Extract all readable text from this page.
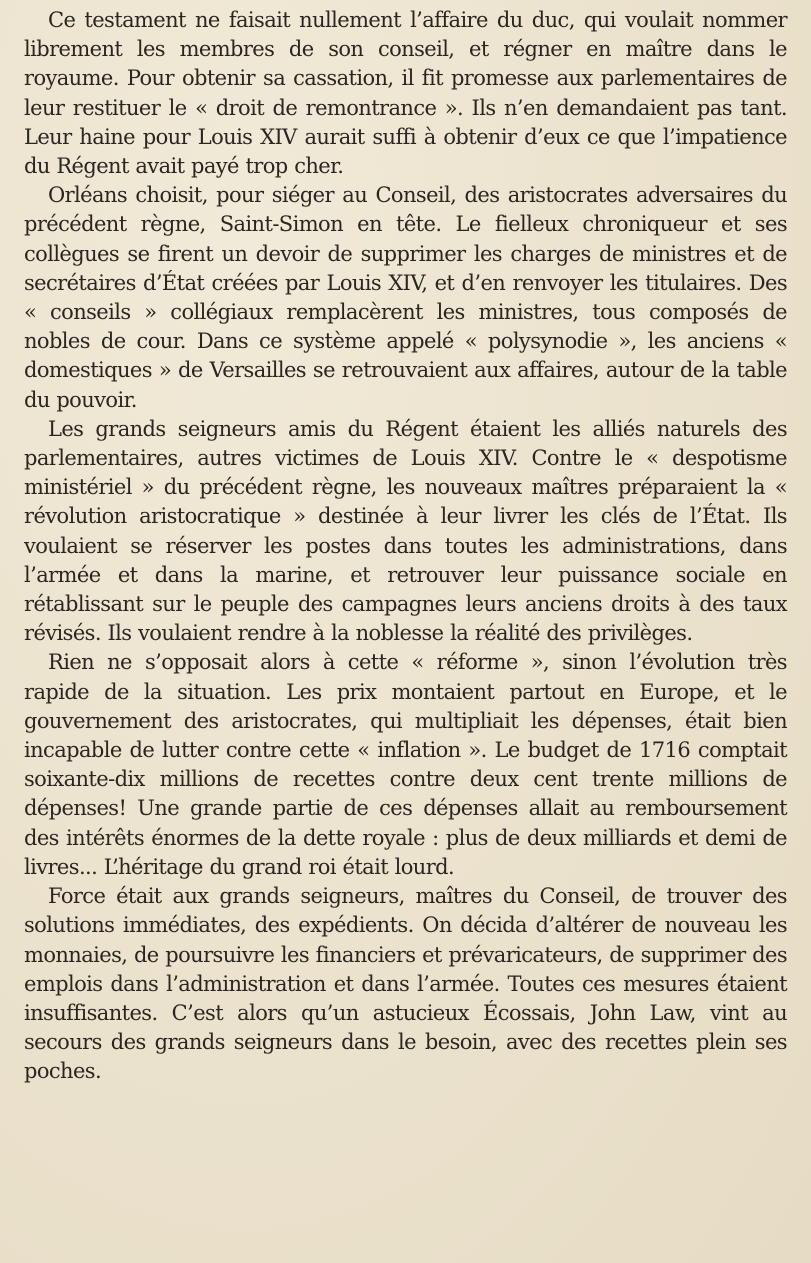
Ce testament ne faisait nullement l’affaire du duc, qui voulait nommer librement les membres de son conseil, et régner en maître dans le royaume. Pour obtenir sa cassation, il fit promesse aux parlementaires de leur restituer le « droit de remontrance ». Ils n’en demandaient pas tant. Leur haine pour Louis XIV aurait suffi à obtenir d’eux ce que l’impatience du Régent avait payé trop cher.

Orléans choisit, pour siéger au Conseil, des aristocrates adversaires du précédent règne, Saint-Simon en tête. Le fielleux chroniqueur et ses collègues se firent un devoir de supprimer les charges de ministres et de secrétaires d’État créées par Louis XIV, et d’en renvoyer les titulaires. Des « conseils » collégiaux remplacèrent les ministres, tous composés de nobles de cour. Dans ce système appelé « polysynodie », les anciens « domestiques » de Versailles se retrouvaient aux affaires, autour de la table du pouvoir.

Les grands seigneurs amis du Régent étaient les alliés naturels des parlementaires, autres victimes de Louis XIV. Contre le « despotisme ministériel » du précédent règne, les nouveaux maîtres préparaient la « révolution aristocratique » destinée à leur livrer les clés de l’État. Ils voulaient se réserver les postes dans toutes les administrations, dans l’armée et dans la marine, et retrouver leur puissance sociale en rétablissant sur le peuple des campagnes leurs anciens droits à des taux révisés. Ils voulaient rendre à la noblesse la réalité des privilèges.

Rien ne s’opposait alors à cette « réforme », sinon l’évolution très rapide de la situation. Les prix montaient partout en Europe, et le gouvernement des aristocrates, qui multipliait les dépenses, était bien incapable de lutter contre cette « inflation ». Le budget de 1716 comptait soixante-dix millions de recettes contre deux cent trente millions de dépenses! Une grande partie de ces dépenses allait au remboursement des intérêts énormes de la dette royale : plus de deux milliards et demi de livres... L’héritage du grand roi était lourd.

Force était aux grands seigneurs, maîtres du Conseil, de trouver des solutions immédiates, des expédients. On décida d’altérer de nouveau les monnaies, de poursuivre les financiers et prévaricateurs, de supprimer des emplois dans l’administration et dans l’armée. Toutes ces mesures étaient insuffisantes. C’est alors qu’un astucieux Écossais, John Law, vint au secours des grands seigneurs dans le besoin, avec des recettes plein ses poches.
